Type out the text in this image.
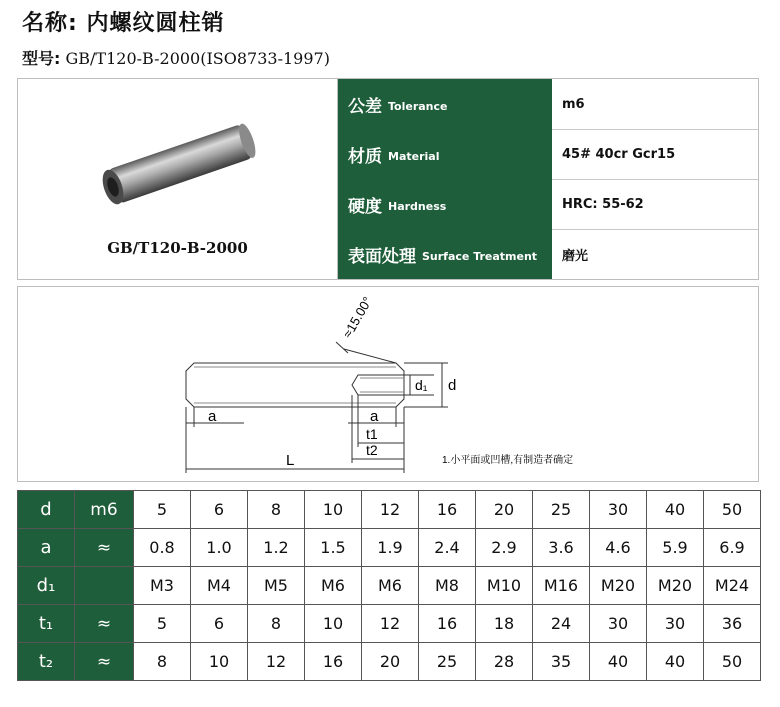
名称: 内螺纹圆柱销
型号: GB/T120-B-2000(ISO8733-1997)
GB/T120-B-2000
公差 Tolerance	m6
材质 Material	45# 40cr Gcr15
硬度 Hardness	HRC: 55-62
表面处理 Surface Treatment 磨光
≈15.00°
d₁ d
a	a
t1
t2
L	1.小平面或凹槽,有制造者确定
d	m6	5	6	8	10	12	16	20	25	30	40	50
a	≈	0.8	1.0	1.2	1.5	1.9	2.4	2.9	3.6	4.6	5.9	6.9
d₁		M3	M4	M5	M6	M6	M8	M10	M16	M20	M20	M24
t₁	≈	5	6	8	10	12	16	18	24	30	30	36
t₂	≈	8	10	12	16	20	25	28	35	40	40	50
